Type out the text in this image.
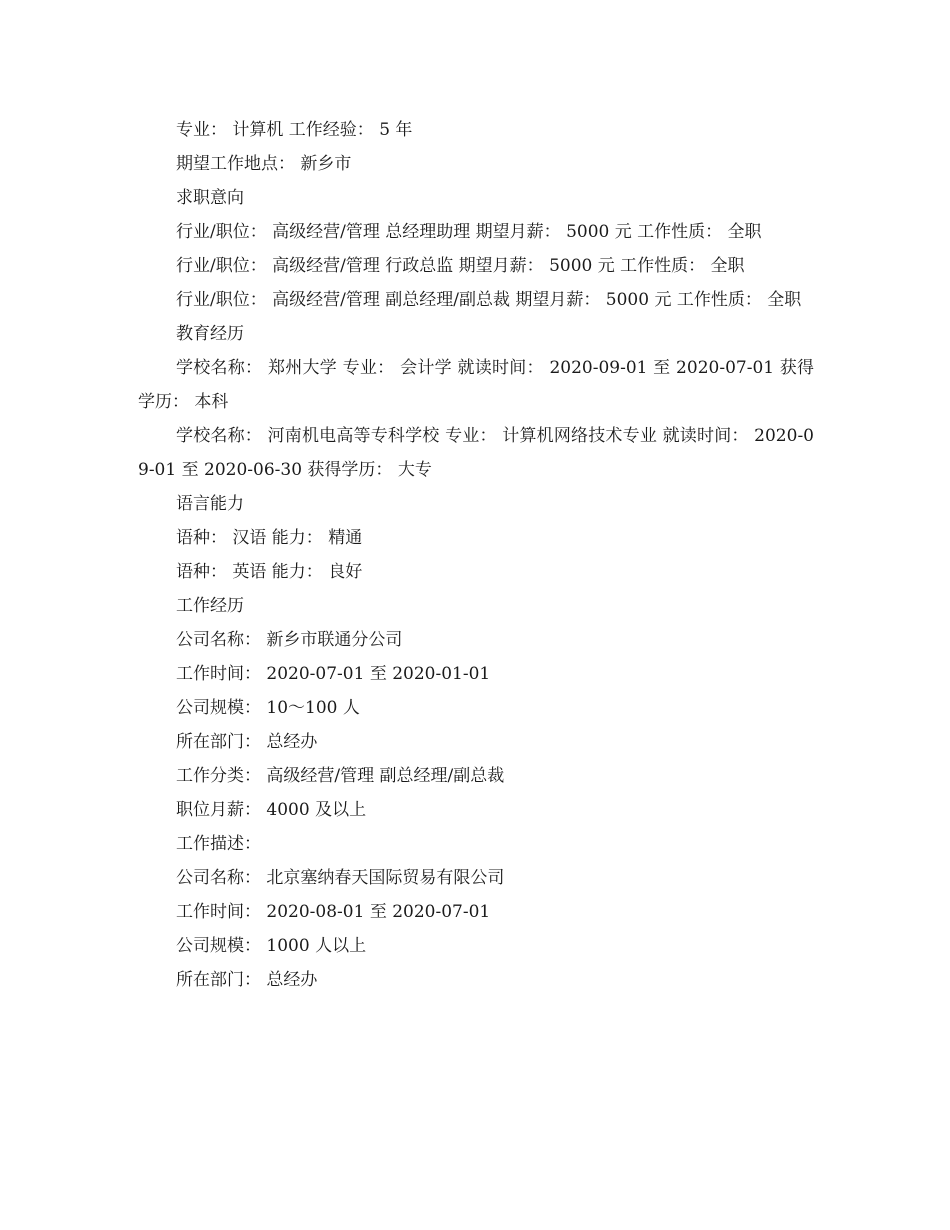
专业： 计算机 工作经验： 5 年

期望工作地点： 新乡市

求职意向

行业/职位： 高级经营/管理 总经理助理 期望月薪： 5000 元 工作性质： 全职

行业/职位： 高级经营/管理 行政总监 期望月薪： 5000 元 工作性质： 全职

行业/职位： 高级经营/管理 副总经理/副总裁 期望月薪： 5000 元 工作性质： 全职

教育经历

学校名称： 郑州大学 专业： 会计学 就读时间： 2020-09-01 至 2020-07-01 获得学历： 本科

学校名称： 河南机电高等专科学校 专业： 计算机网络技术专业 就读时间： 2020-09-01 至 2020-06-30 获得学历： 大专

语言能力

语种： 汉语 能力： 精通

语种： 英语 能力： 良好

工作经历

公司名称： 新乡市联通分公司

工作时间： 2020-07-01 至 2020-01-01

公司规模： 10～100 人

所在部门： 总经办

工作分类： 高级经营/管理 副总经理/副总裁

职位月薪： 4000 及以上

工作描述：

公司名称： 北京塞纳春天国际贸易有限公司

工作时间： 2020-08-01 至 2020-07-01

公司规模： 1000 人以上

所在部门： 总经办
